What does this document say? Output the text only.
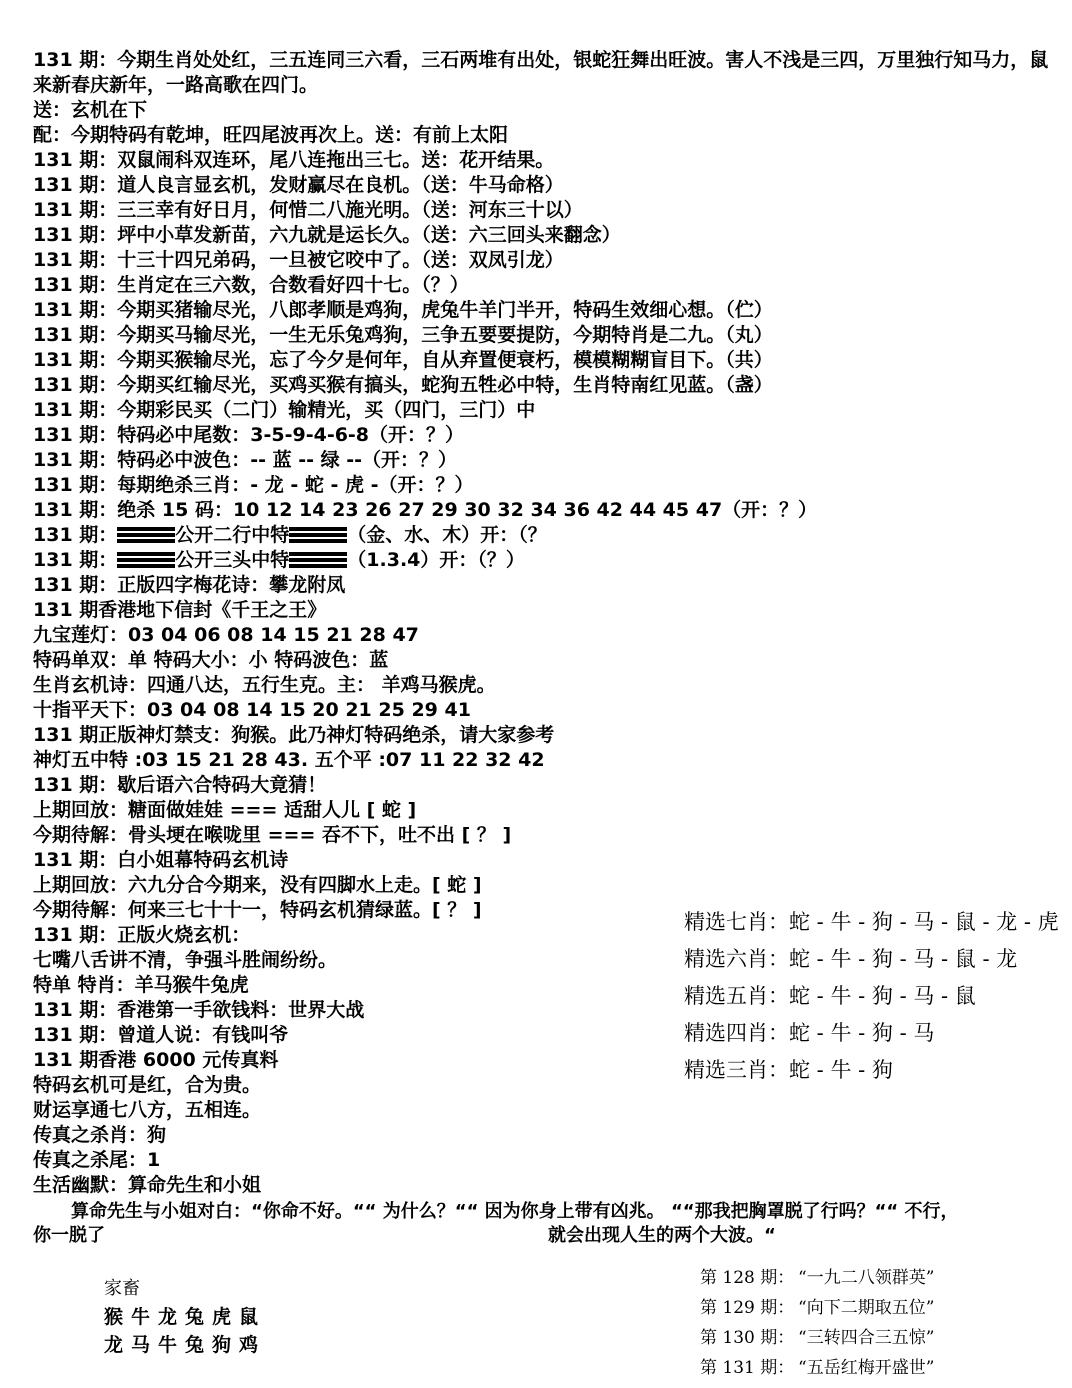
131 期：今期生肖处处红，三五连同三六看，三石两堆有出处，银蛇狂舞出旺波。害人不浅是三四，万里独行知马力，鼠来新春庆新年，一路高歌在四门。
送：玄机在下
配：今期特码有乾坤，旺四尾波再次上。送：有前上太阳
131 期：双鼠闹科双连环，尾八连拖出三七。送：花开结果。
131 期：道人良言显玄机，发财赢尽在良机。（送：牛马命格）
131 期：三三幸有好日月，何惜二八施光明。（送：河东三十以）
131 期：坪中小草发新苗，六九就是运长久。（送：六三回头来翻念）
131 期：十三十四兄弟码，一旦被它咬中了。（送：双凤引龙）
131 期：生肖定在三六数，合数看好四十七。（？）
131 期：今期买猪输尽光，八郎孝顺是鸡狗，虎兔牛羊门半开，特码生效细心想。（伫）
131 期：今期买马输尽光，一生无乐兔鸡狗，三争五要要提防，今期特肖是二九。（丸）
131 期：今期买猴输尽光，忘了今夕是何年，自从弃置便衰朽，模模糊糊盲目下。（共）
131 期：今期买红输尽光，买鸡买猴有搞头，蛇狗五牲必中特，生肖特南红见蓝。（盏）
131 期：今期彩民买（二门）输精光，买（四门，三门）中
131 期：特码必中尾数：3-5-9-4-6-8（开：？）
131 期：特码必中波色：-- 蓝 -- 绿 --（开：？）
131 期：每期绝杀三肖：- 龙 - 蛇 - 虎 -（开：？）
131 期：绝杀 15 码：10 12 14 23 26 27 29 30 32 34 36 42 44 45 47（开：？）
131 期：	公开二行中特	（金、水、木）开：（？
131 期：	公开三头中特	（1.3.4）开：（？）
131 期：正版四字梅花诗：攀龙附凤
131 期香港地下信封《千王之王》
九宝莲灯：03 04 06 08 14 15 21 28 47
特码单双：单 特码大小：小 特码波色：蓝
生肖玄机诗：四通八达，五行生克。主： 羊鸡马猴虎。
十指平天下：03 04 08 14 15 20 21 25 29 41
131 期正版神灯禁支：狗猴。此乃神灯特码绝杀，请大家参考
神灯五中特 :03 15 21 28 43. 五个平 :07 11 22 32 42
131 期：歇后语六合特码大竟猜！
上期回放：糖面做娃娃 === 适甜人儿 [ 蛇 ]
今期待解：骨头埂在喉咙里 === 吞不下，吐不出 [ ？ ]
131 期：白小姐幕特码玄机诗
上期回放：六九分合今期来，没有四脚水上走。[ 蛇 ]
今期待解：何来三七十十一，特码玄机猜绿蓝。[ ？ ]
131 期：正版火烧玄机：
七嘴八舌讲不清，争强斗胜闹纷纷。
特单 特肖：羊马猴牛兔虎
131 期：香港第一手欲钱料：世界大战
131 期：曾道人说：有钱叫爷
131 期香港 6000 元传真料
特码玄机可是红，合为贵。
财运享通七八方，五相连。
传真之杀肖：狗
传真之杀尾：1
生活幽默：算命先生和小姐
精选七肖：蛇 - 牛 - 狗 - 马 - 鼠 - 龙 - 虎
精选六肖：蛇 - 牛 - 狗 - 马 - 鼠 - 龙
精选五肖：蛇 - 牛 - 狗 - 马 - 鼠
精选四肖：蛇 - 牛 - 狗 - 马
精选三肖：蛇 - 牛 - 狗
算命先生与小姐对白：“你命不好。““ 为什么？““ 因为你身上带有凶兆。 ““那我把胸罩脱了行吗？““ 不行，
你一脱了	就会出现人生的两个大波。“
家畜
猴牛龙兔虎鼠
龙马牛兔狗鸡
第 128 期： “一九二八领群英”
第 129 期： “向下二期取五位”
第 130 期： “三转四合三五惊”
第 131 期： “五岳红梅开盛世”
